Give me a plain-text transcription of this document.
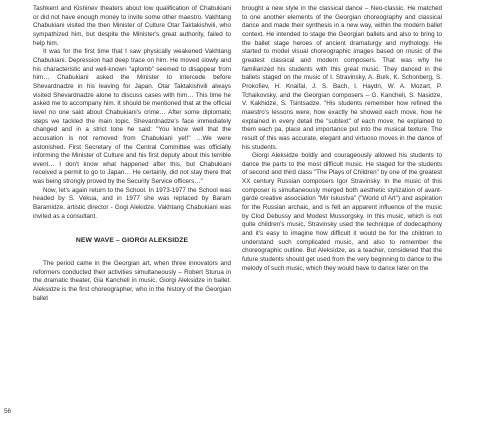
Tashkent and Kishinev theaters about low qualification of Chabukiani or did not have enough money to invite some other maestro. Vakhtang Chabukiani visited the then Minister of Culture Otar Taktakishvili, who sympathized him, but despite the Minister's great authority, failed to help him.

It was for the first time that I saw physically weakened Vakhtang Chabukiani. Depression had deep trace on him. He moved slowly and his characteristic and well-known "aplomb" seemed to disappear from him… Chabukiani asked the Minister to intercede before Shevardnadze in his leaving for Japan. Otar Taktakishvili always visited Shevardnadze alone to discuss cases with him… This time he asked me to accompany him. It should be mentioned that at the official level no one said about Chabukiani's crime… After some diplomatic steps we tackled the main topic. Shevardnadze's face immediately changed and in a strict tone he said: "You know well that the accusation is not removed from Chabukiani yet!" …We were astonished. First Secretary of the Central Committee was officially informing the Minister of Culture and his first deputy about this terrible event… I don't know what happened after this, but Chabukiani received a permit to go to Japan… He certainly, did not stay there that was being strongly proved by the Security Service officers…"

Now, let's again return to the School. In 1973-1977 the School was headed by S. Vekua, and in 1977 she was replaced by Baram Baramidze, artistic director - Gogi Alekidze. Vakhtang Chabukiani was invited as a consultant.

NEW WAVE – GIORGI ALEKSIDZE

The period came in the Georgian art, when three innovators and reformers conducted their activities simultaneously – Robert Sturua in the dramatic theater, Gia Kancheli in music, Giorgi Aleksidze in ballet. Aleksidze is the first choreographer, who in the history of the Georgian ballet

brought a new style in the classical dance – Neo-classic. He matched to one another elements of the Georgian choreography and classical dance and made their synthesis in a new way, within the modern ballet context. He intended to stage the Georgian ballets and also to bring to the ballet stage heroes of ancient dramaturgy and mythology. He started to model visual choreographic images based on music of the greatest classical and modern composers. That was why he familiarized his students with this great music. They danced in the ballets staged on the music of I. Stravinsky, A. Burk, K. Schonberg, S. Prokofiev, H. Knaifal, J. S. Bach, I. Haydn, W. A. Mozart, P. Tchaikovsky, and the Georgian composers – G. Kancheli, S. Nasidze, V. Kakhidze, S. Tsintsadze. "His students remember how refined the maestro's lessons were, how exactly he showed each move, how he explained in every detail the "subtext" of each move; he explained to them each pa, place and importance put into the musical texture. The result of this was accurate, elegant and virtuoso moves in the dance of his students.

Giorgi Aleksidze boldly and courageously allowed his students to dance the parts to the most difficult music. He staged for the students of second and third class "The Plays of Children" by one of the greatest XX century Russian composers Igor Stravinsky. In the music of this composer is simultaneously merged both aesthetic stylization of avant-garde creative association "Mir Iskustva" ("World of Art") and aspiration for the Russian archaic, and is felt an apparent influence of the music by Clod Debussy and Modest Mussorgsky. In this music, which is not quite children's music, Stravinsky used the technique of dodecaphony and it's easy to imagine how difficult it would be for the children to understand such complicated music, and also to remember the choreographic outline. But Aleksidze, as a teacher, considered that the future students should get used from the very beginning to dance to the melody of such music, which they would have to dance later on the

56
